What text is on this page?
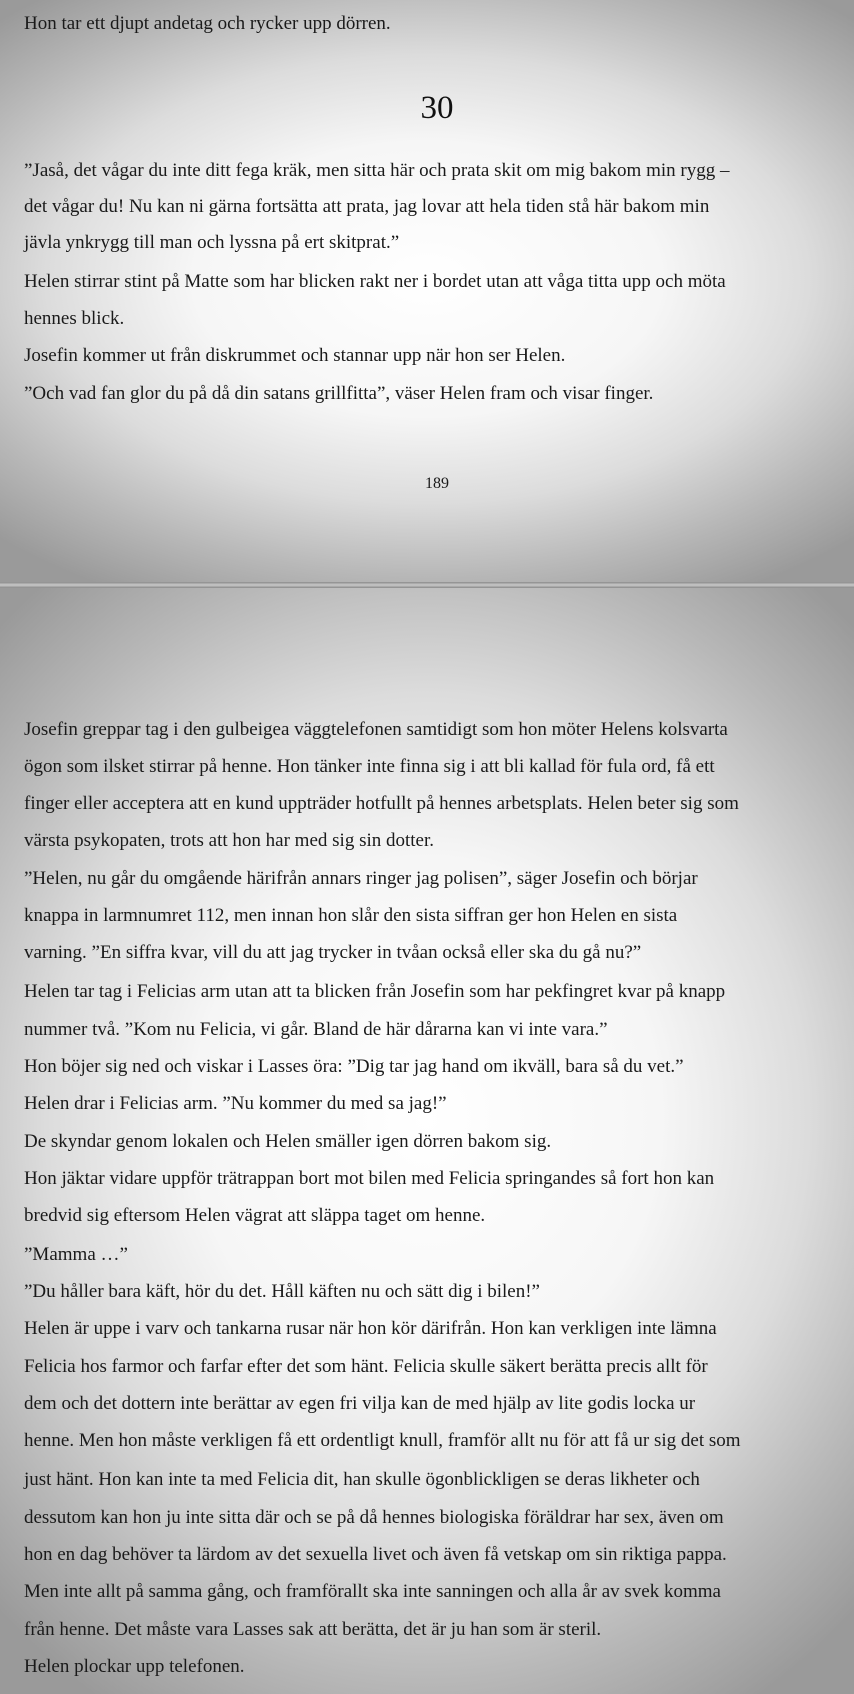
Hon tar ett djupt andetag och rycker upp dörren.
30
”Jaså, det vågar du inte ditt fega kräk, men sitta här och prata skit om mig bakom min rygg –
det vågar du! Nu kan ni gärna fortsätta att prata, jag lovar att hela tiden stå här bakom min
jävla ynkrygg till man och lyssna på ert skitprat.”
Helen stirrar stint på Matte som har blicken rakt ner i bordet utan att våga titta upp och möta
hennes blick.
Josefin kommer ut från diskrummet och stannar upp när hon ser Helen.
”Och vad fan glor du på då din satans grillfitta”, väser Helen fram och visar finger.
189
Josefin greppar tag i den gulbeigea väggtelefonen samtidigt som hon möter Helens kolsvarta
ögon som ilsket stirrar på henne. Hon tänker inte finna sig i att bli kallad för fula ord, få ett
finger eller acceptera att en kund uppträder hotfullt på hennes arbetsplats. Helen beter sig som
värsta psykopaten, trots att hon har med sig sin dotter.
”Helen, nu går du omgående härifrån annars ringer jag polisen”, säger Josefin och börjar
knappa in larmnumret 112, men innan hon slår den sista siffran ger hon Helen en sista
varning. ”En siffra kvar, vill du att jag trycker in tvåan också eller ska du gå nu?”
Helen tar tag i Felicias arm utan att ta blicken från Josefin som har pekfingret kvar på knapp
nummer två. ”Kom nu Felicia, vi går. Bland de här dårarna kan vi inte vara.”
Hon böjer sig ned och viskar i Lasses öra: ”Dig tar jag hand om ikväll, bara så du vet.”
Helen drar i Felicias arm. ”Nu kommer du med sa jag!”
De skyndar genom lokalen och Helen smäller igen dörren bakom sig.
Hon jäktar vidare uppför trätrappan bort mot bilen med Felicia springandes så fort hon kan
bredvid sig eftersom Helen vägrat att släppa taget om henne.
”Mamma …”
”Du håller bara käft, hör du det. Håll käften nu och sätt dig i bilen!”
Helen är uppe i varv och tankarna rusar när hon kör därifrån. Hon kan verkligen inte lämna
Felicia hos farmor och farfar efter det som hänt. Felicia skulle säkert berätta precis allt för
dem och det dottern inte berättar av egen fri vilja kan de med hjälp av lite godis locka ur
henne. Men hon måste verkligen få ett ordentligt knull, framför allt nu för att få ur sig det som
just hänt. Hon kan inte ta med Felicia dit, han skulle ögonblickligen se deras likheter och
dessutom kan hon ju inte sitta där och se på då hennes biologiska föräldrar har sex, även om
hon en dag behöver ta lärdom av det sexuella livet och även få vetskap om sin riktiga pappa.
Men inte allt på samma gång, och framförallt ska inte sanningen och alla år av svek komma
från henne. Det måste vara Lasses sak att berätta, det är ju han som är steril.
Helen plockar upp telefonen.
